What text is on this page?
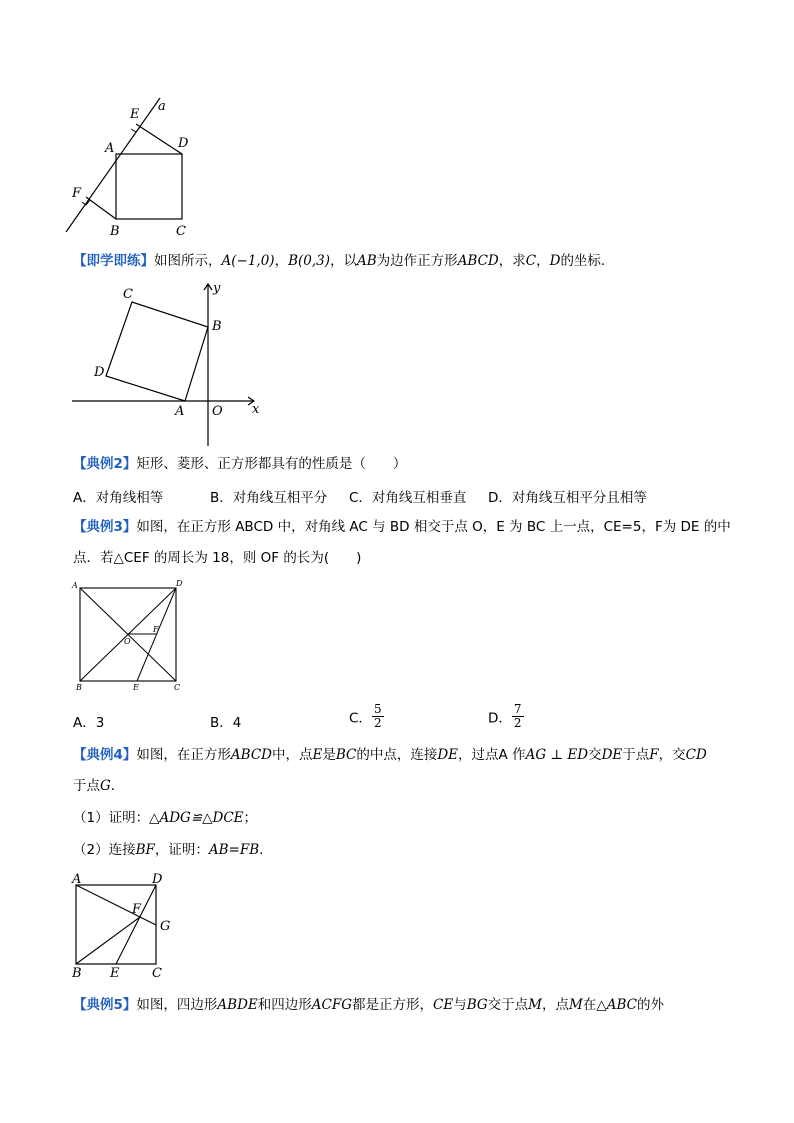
a
E
A	D
F
B	C
【即学即练】如图所示，A(−1,0)，B(0,3)，以AB为边作正方形ABCD，求C，D的坐标.
y
C
B
D
A O x
【典例2】矩形、菱形、正方形都具有的性质是（　　）
A．对角线相等	B．对角线互相平分 C．对角线互相垂直 D．对角线互相平分且相等
【典例3】如图，在正方形 ABCD 中，对角线 AC 与 BD 相交于点 O，E 为 BC 上一点，CE=5，F为 DE 的中
点．若△CEF 的周长为 18，则 OF 的长为(　　)
A	D
O
F
B	E	C
A．3	B．4	C． $\frac{5}{2}$	D． $\frac{7}{2}$
【典例4】如图，在正方形ABCD中，点E是BC的中点，连接DE，过点A 作AG ⊥ ED交DE于点F，交CD
于点G．
（1）证明：△ADG≌△DCE；
（2）连接BF，证明：AB=FB．
A	D
F
G
B E	C
【典例5】如图，四边形ABDE和四边形ACFG都是正方形，CE与BG交于点M，点M在△ABC的外
